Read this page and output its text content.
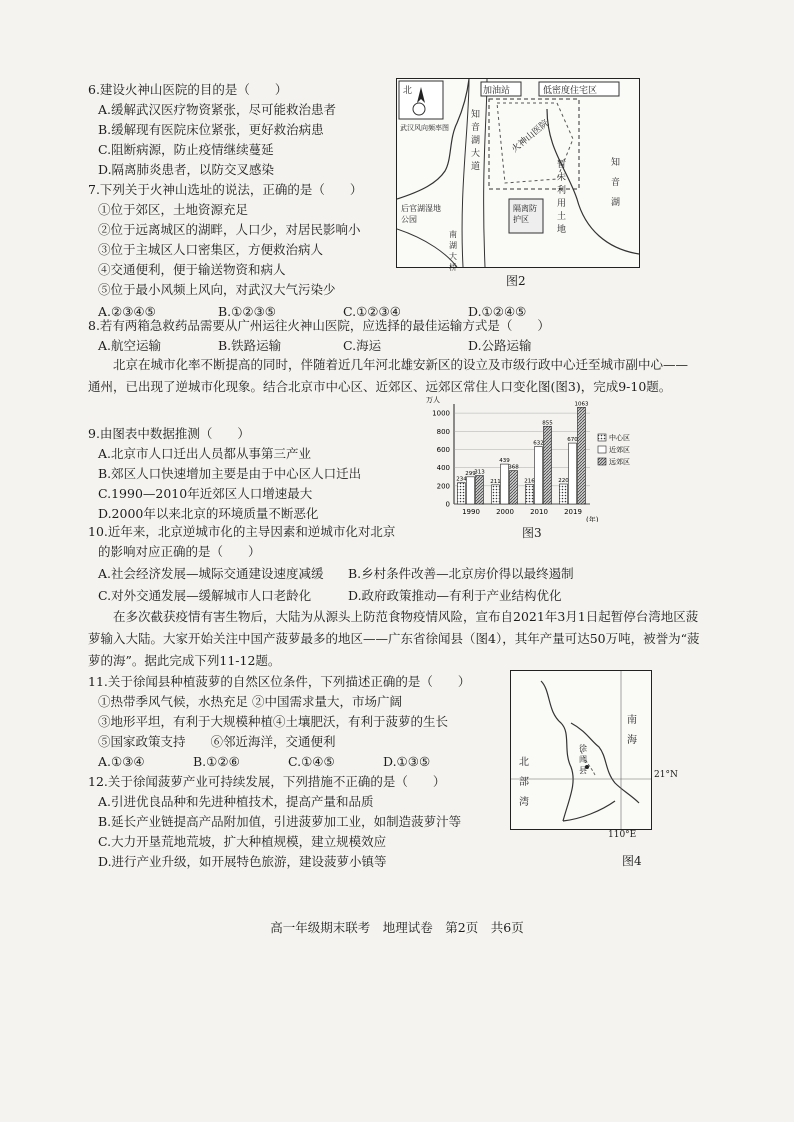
6.建设火神山医院的目的是（　　）
A.缓解武汉医疗物资紧张，尽可能救治患者
B.缓解现有医院床位紧张，更好救治病患
C.阻断病源，防止疫情继续蔓延
D.隔离肺炎患者，以防交叉感染
7.下列关于火神山选址的说法，正确的是（　　）
①位于郊区，土地资源充足
②位于远离城区的湖畔，人口少，对居民影响小
③位于主城区人口密集区，方便救治病人
④交通便利，便于输送物资和病人
⑤位于最小风频上风向，对武汉大气污染少
A.②③④⑤	B.①②③⑤	C.①②③④	D.①②④⑤
北
武汉风向频率图
加油站	低密度住宅区
知音湖大道
火神山医院
暂未利用土地
隔离防护区
后官湖湿地公园
南湖大桥
知音湖
图2
8.若有两箱急救药品需要从广州运往火神山医院，应选择的最佳运输方式是（　　）
A.航空运输	B.铁路运输	C.海运	D.公路运输
北京在城市化率不断提高的同时，伴随着近几年河北雄安新区的设立及市级行政中心迁至城市副中心——通州，已出现了逆城市化现象。结合北京市中心区、近郊区、远郊区常住人口变化图(图3)，完成9-10题。
9.由图表中数据推测（　　）
A.北京市人口迁出人员都从事第三产业
B.郊区人口快速增加主要是由于中心区人口迁出
C.1990—2010年近郊区人口增速最大
D.2000年以来北京的环境质量不断恶化
10.近年来，北京逆城市化的主导因素和逆城市化对北京
的影响对应正确的是（　　）
A.社会经济发展—城际交通建设速度减缓 B.乡村条件改善—北京房价得以最终遏制
C.对外交通发展—缓解城市人口老龄化	D.政府政策推动—有利于产业结构优化
万人
(年)
0
200
400
600
800
1000
234
299
313
1990
211
439
368
2000
216
632
855
2010
220
670
1063
2019
中心区
近郊区
远郊区
图3
在多次截获疫情有害生物后，大陆为从源头上防范食物疫情风险，宣布自2021年3月1日起暂停台湾地区菠萝输入大陆。大家开始关注中国产菠萝最多的地区——广东省徐闻县（图4），其年产量可达50万吨，被誉为“菠萝的海”。据此完成下列11-12题。
11.关于徐闻县种植菠萝的自然区位条件，下列描述正确的是（　　）
①热带季风气候，水热充足 ②中国需求量大，市场广阔
③地形平坦，有利于大规模种植④土壤肥沃，有利于菠萝的生长
⑤国家政策支持　　⑥邻近海洋，交通便利
A.①③④	B.①②⑥	C.①④⑤	D.①③⑤
12.关于徐闻菠萝产业可持续发展，下列措施不正确的是（　　）
A.引进优良品种和先进种植技术，提高产量和品质
B.延长产业链提高产品附加值，引进菠萝加工业，如制造菠萝汁等
C.大力开垦荒地荒坡，扩大种植规模，建立规模效应
D.进行产业升级，如开展特色旅游，建设菠萝小镇等
北部湾
南海
徐闻县	21°N
110°E
图4
高一年级期末联考　地理试卷　第2页　共6页
